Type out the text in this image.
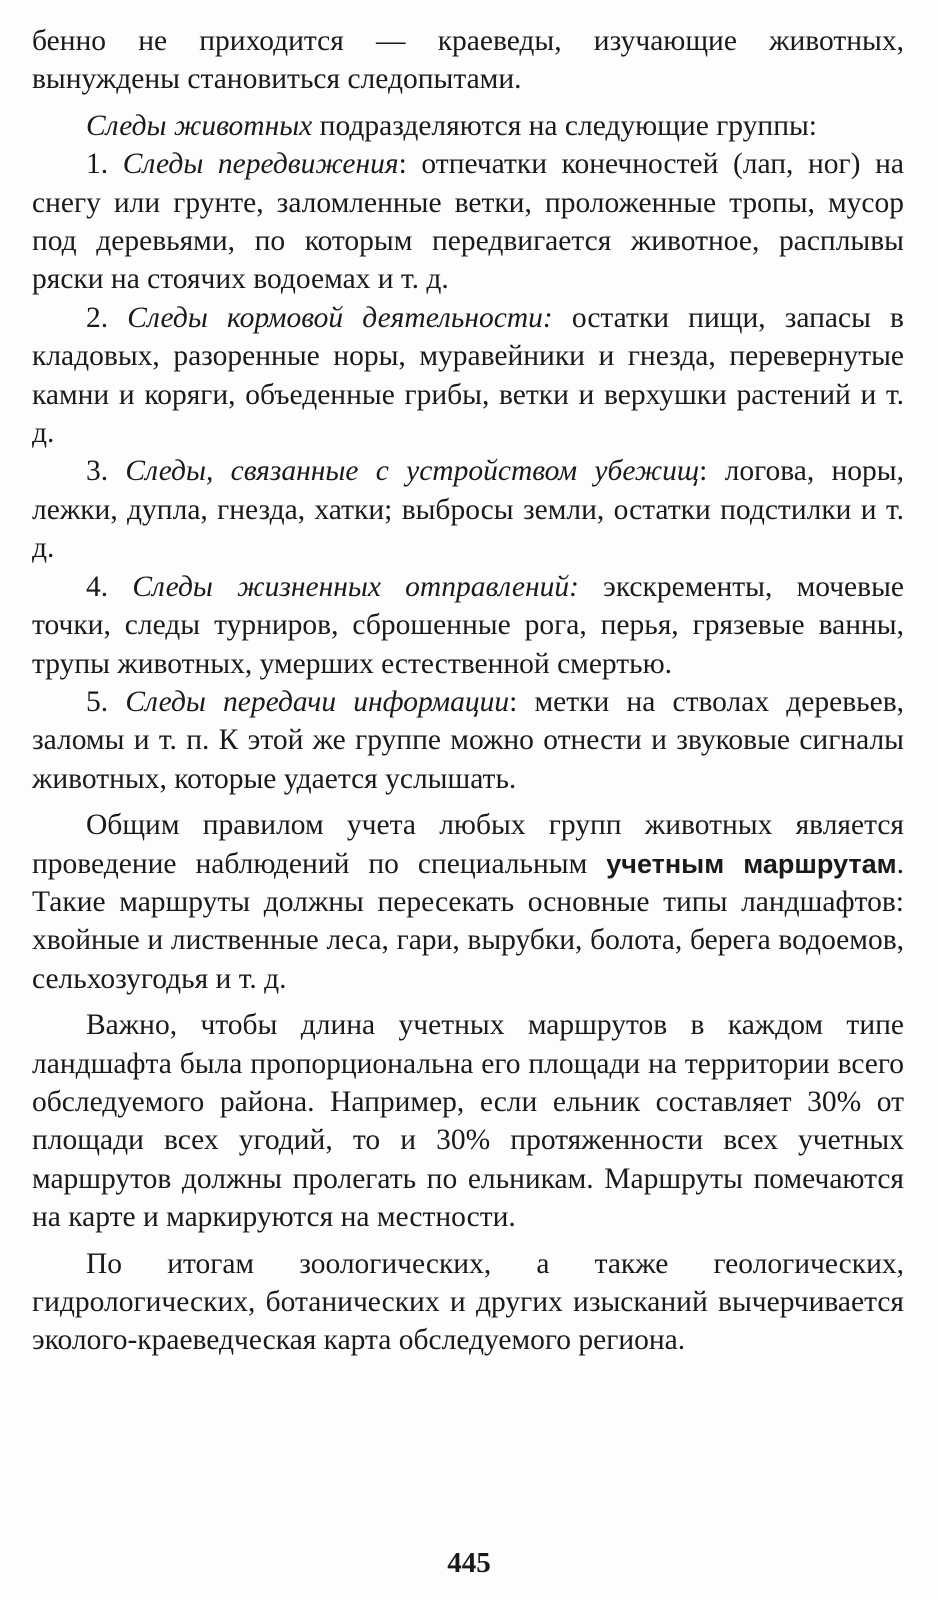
бенно не приходится — краеведы, изучающие животных, вынуждены становиться следопытами.

Следы животных подразделяются на следующие группы:

1. Следы передвижения: отпечатки конечностей (лап, ног) на снегу или грунте, заломленные ветки, проложенные тропы, мусор под деревьями, по которым передвигается животное, расплывы ряски на стоячих водоемах и т. д.

2. Следы кормовой деятельности: остатки пищи, запасы в кладовых, разоренные норы, муравейники и гнезда, перевернутые камни и коряги, объеденные грибы, ветки и верхушки растений и т. д.

3. Следы, связанные с устройством убежищ: логова, норы, лежки, дупла, гнезда, хатки; выбросы земли, остатки подстилки и т. д.

4. Следы жизненных отправлений: экскременты, мочевые точки, следы турниров, сброшенные рога, перья, грязевые ванны, трупы животных, умерших естественной смертью.

5. Следы передачи информации: метки на стволах деревьев, заломы и т. п. К этой же группе можно отнести и звуковые сигналы животных, которые удается услышать.

Общим правилом учета любых групп животных является проведение наблюдений по специальным учетным маршрутам. Такие маршруты должны пересекать основные типы ландшафтов: хвойные и лиственные леса, гари, вырубки, болота, берега водоемов, сельхозугодья и т. д.

Важно, чтобы длина учетных маршрутов в каждом типе ландшафта была пропорциональна его площади на территории всего обследуемого района. Например, если ельник составляет 30% от площади всех угодий, то и 30% протяженности всех учетных маршрутов должны пролегать по ельникам. Маршруты помечаются на карте и маркируются на местности.

По итогам зоологических, а также геологических, гидрологических, ботанических и других изысканий вычерчивается эколого-краеведческая карта обследуемого региона.

445
